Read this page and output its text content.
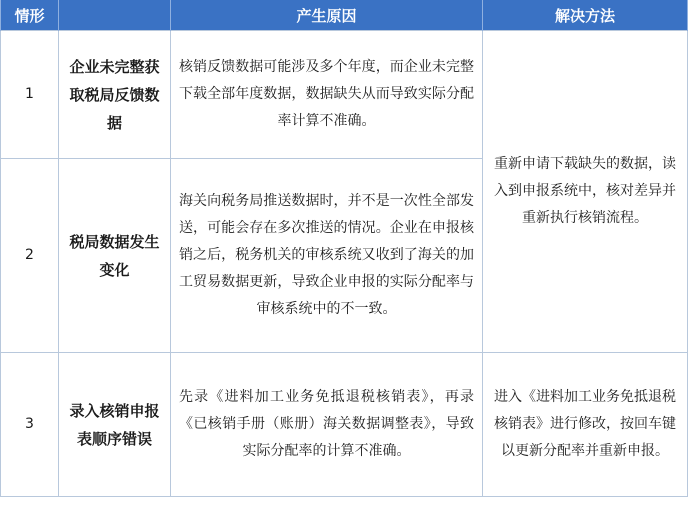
情形		产生原因	解决方法
1	企业未完整获取税局反馈数据	核销反馈数据可能涉及多个年度，而企业未完整下载全部年度数据，数据缺失从而导致实际分配率计算不准确。	重新申请下载缺失的数据，读入到申报系统中，核对差异并重新执行核销流程。
2	税局数据发生变化	海关向税务局推送数据时，并不是一次性全部发送，可能会存在多次推送的情况。企业在申报核销之后，税务机关的审核系统又收到了海关的加工贸易数据更新，导致企业申报的实际分配率与审核系统中的不一致。	
3	录入核销申报表顺序错误	先录《进料加工业务免抵退税核销表》，再录《已核销手册（账册）海关数据调整表》，导致实际分配率的计算不准确。	进入《进料加工业务免抵退税核销表》进行修改，按回车键以更新分配率并重新申报。
